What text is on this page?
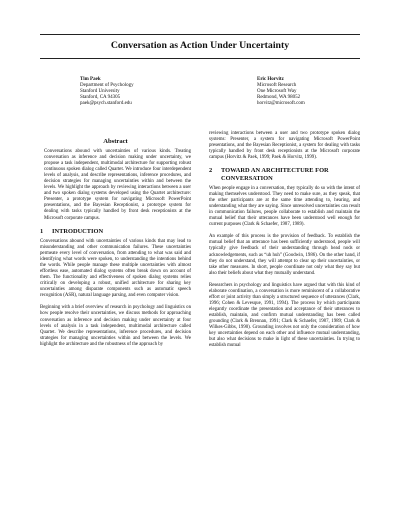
Conversation as Action Under Uncertainty
Tim Paek
Department of Psychology
Stanford University
Stanford, CA 94305
paek@psych.stanford.edu
Eric Horvitz
Microsoft Research
One Microsoft Way
Redmond, WA 98052
horvitz@microsoft.com
Abstract

Conversations abound with uncertainties of various kinds. Treating conversation as inference and decision making under uncertainty, we propose a task independent, multimodal architecture for supporting robust continuous spoken dialog called Quartet. We introduce four interdependent levels of analysis, and describe representations, inference procedures, and decision strategies for managing uncertainties within and between the levels. We highlight the approach by reviewing interactions between a user and two spoken dialog systems developed using the Quartet architecture: Presenter, a prototype system for navigating Microsoft PowerPoint presentations, and the Bayesian Receptionist, a prototype system for dealing with tasks typically handled by front desk receptionists at the Microsoft corporate campus.

1 INTRODUCTION

Conversations abound with uncertainties of various kinds that may lead to misunderstanding and other communication failures. These uncertainties permeate every level of conversation, from attending to what was said and identifying what words were spoken, to understanding the intentions behind the words. While people manage these multiple uncertainties with almost effortless ease, automated dialog systems often break down on account of them. The functionality and effectiveness of spoken dialog systems relies critically on developing a robust, unified architecture for sharing key uncertainties among disparate components such as automatic speech recognition (ASR), natural language parsing, and even computer vision.

Beginning with a brief overview of research in psychology and linguistics on how people resolve their uncertainties, we discuss methods for approaching conversation as inference and decision making under uncertainty at four levels of analysis in a task independent, multimodal architecture called Quartet. We describe representations, inference procedures, and decision strategies for managing uncertainties within and between the levels. We highlight the architecture and the robustness of the approach by

reviewing interactions between a user and two prototype spoken dialog systems: Presenter, a system for navigating Microsoft PowerPoint presentations, and the Bayesian Receptionist, a system for dealing with tasks typically handled by front desk receptionists at the Microsoft corporate campus (Horvitz & Paek, 1999; Paek & Horvitz, 1999).

2	TOWARD AN ARCHITECTURE FOR CONVERSATION

When people engage in a conversation, they typically do so with the intent of making themselves understood. They need to make sure, as they speak, that the other participants are at the same time attending to, hearing, and understanding what they are saying. Since unresolved uncertainties can result in communication failures, people collaborate to establish and maintain the mutual belief that their utterances have been understood well enough for current purposes (Clark & Schaefer, 1987, 1989).

An example of this process is the provision of feedback. To establish the mutual belief that an utterance has been sufficiently understood, people will typically give feedback of their understanding through head nods or acknowledgements, such as “uh huh” (Goodwin, 1986). On the other hand, if they do not understand, they will attempt to clear up their uncertainties, or take other measures. In short, people coordinate not only what they say but also their beliefs about what they mutually understand.

Researchers in psychology and linguistics have argued that with this kind of elaborate coordination, a conversation is more reminiscent of a collaborative effort or joint activity than simply a structured sequence of utterances (Clark, 1996; Cohen & Levesque, 1991, 1994). The process by which participants elegantly coordinate the presentation and acceptance of their utterances to establish, maintain, and confirm mutual understanding has been called grounding (Clark & Brennan, 1991; Clark & Schaefer, 1987, 1989; Clark & Wilkes-Gibbs, 1990). Grounding involves not only the consideration of how key uncertainties depend on each other and influence mutual understanding, but also what decisions to make in light of these uncertainties. In trying to establish mutual
